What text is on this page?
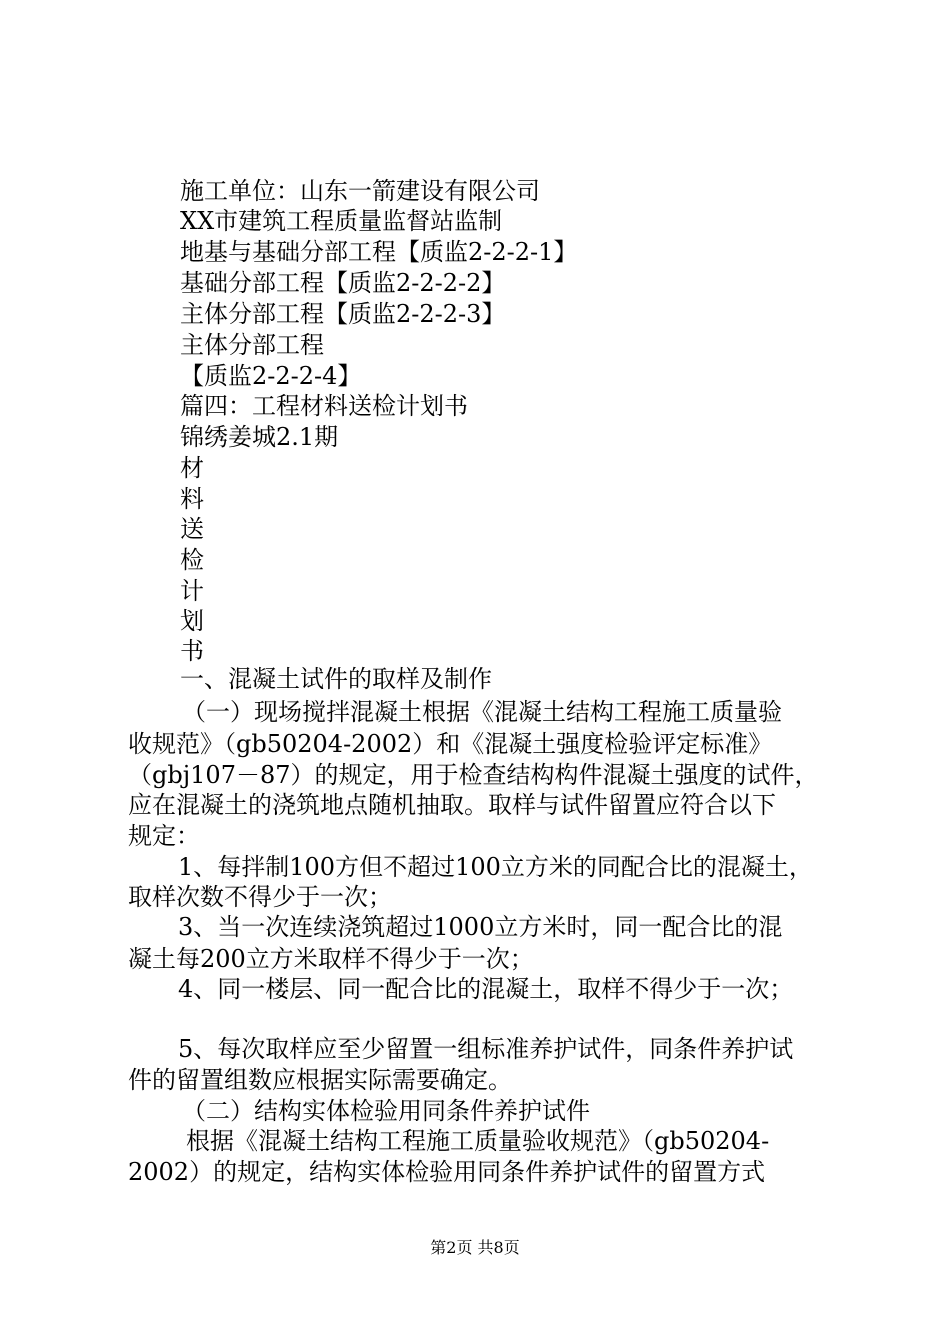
施工单位：山东一箭建设有限公司
XX市建筑工程质量监督站监制
地基与基础分部工程【质监2-2-2-1】
基础分部工程【质监2-2-2-2】
主体分部工程【质监2-2-2-3】
主体分部工程
【质监2-2-2-4】
篇四：工程材料送检计划书
锦绣姜城2.1期
材
料
送
检
计
划
书
一、混凝土试件的取样及制作
（一）现场搅拌混凝土根据《混凝土结构工程施工质量验
收规范》（gb50204-2002）和《混凝土强度检验评定标准》
（gbj107－87）的规定，用于检查结构构件混凝土强度的试件，
应在混凝土的浇筑地点随机抽取。取样与试件留置应符合以下
规定：
1、每拌制100方但不超过100立方米的同配合比的混凝土，
取样次数不得少于一次；
3、当一次连续浇筑超过1000立方米时，同一配合比的混
凝土每200立方米取样不得少于一次；
4、同一楼层、同一配合比的混凝土，取样不得少于一次；
5、每次取样应至少留置一组标准养护试件，同条件养护试
件的留置组数应根据实际需要确定。
（二）结构实体检验用同条件养护试件
根据《混凝土结构工程施工质量验收规范》（gb50204-
2002）的规定，结构实体检验用同条件养护试件的留置方式
第2页 共8页
